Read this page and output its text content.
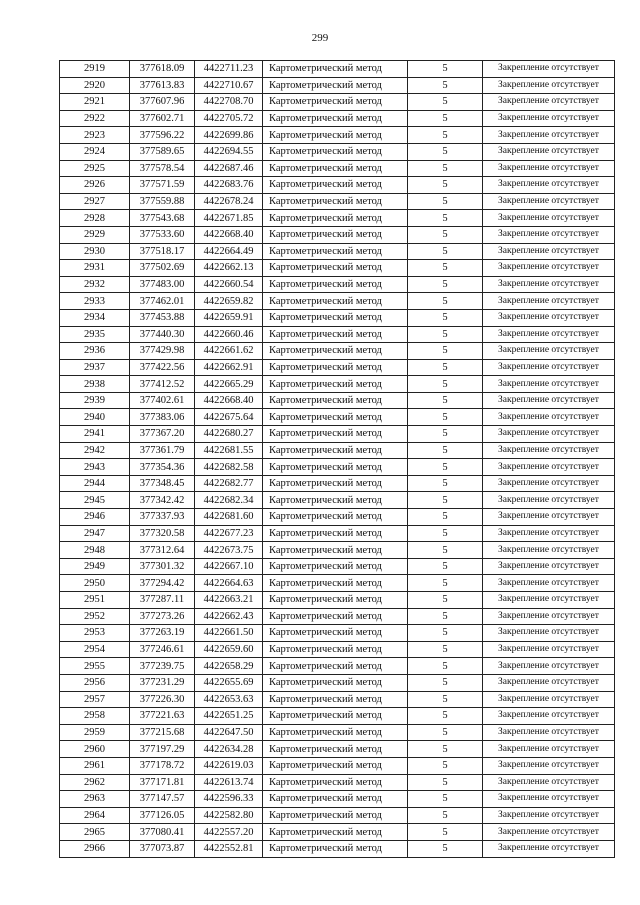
299
2919	377618.09	4422711.23	Картометрический метод	5	Закрепление отсутствует
2920	377613.83	4422710.67	Картометрический метод	5	Закрепление отсутствует
2921	377607.96	4422708.70	Картометрический метод	5	Закрепление отсутствует
2922	377602.71	4422705.72	Картометрический метод	5	Закрепление отсутствует
2923	377596.22	4422699.86	Картометрический метод	5	Закрепление отсутствует
2924	377589.65	4422694.55	Картометрический метод	5	Закрепление отсутствует
2925	377578.54	4422687.46	Картометрический метод	5	Закрепление отсутствует
2926	377571.59	4422683.76	Картометрический метод	5	Закрепление отсутствует
2927	377559.88	4422678.24	Картометрический метод	5	Закрепление отсутствует
2928	377543.68	4422671.85	Картометрический метод	5	Закрепление отсутствует
2929	377533.60	4422668.40	Картометрический метод	5	Закрепление отсутствует
2930	377518.17	4422664.49	Картометрический метод	5	Закрепление отсутствует
2931	377502.69	4422662.13	Картометрический метод	5	Закрепление отсутствует
2932	377483.00	4422660.54	Картометрический метод	5	Закрепление отсутствует
2933	377462.01	4422659.82	Картометрический метод	5	Закрепление отсутствует
2934	377453.88	4422659.91	Картометрический метод	5	Закрепление отсутствует
2935	377440.30	4422660.46	Картометрический метод	5	Закрепление отсутствует
2936	377429.98	4422661.62	Картометрический метод	5	Закрепление отсутствует
2937	377422.56	4422662.91	Картометрический метод	5	Закрепление отсутствует
2938	377412.52	4422665.29	Картометрический метод	5	Закрепление отсутствует
2939	377402.61	4422668.40	Картометрический метод	5	Закрепление отсутствует
2940	377383.06	4422675.64	Картометрический метод	5	Закрепление отсутствует
2941	377367.20	4422680.27	Картометрический метод	5	Закрепление отсутствует
2942	377361.79	4422681.55	Картометрический метод	5	Закрепление отсутствует
2943	377354.36	4422682.58	Картометрический метод	5	Закрепление отсутствует
2944	377348.45	4422682.77	Картометрический метод	5	Закрепление отсутствует
2945	377342.42	4422682.34	Картометрический метод	5	Закрепление отсутствует
2946	377337.93	4422681.60	Картометрический метод	5	Закрепление отсутствует
2947	377320.58	4422677.23	Картометрический метод	5	Закрепление отсутствует
2948	377312.64	4422673.75	Картометрический метод	5	Закрепление отсутствует
2949	377301.32	4422667.10	Картометрический метод	5	Закрепление отсутствует
2950	377294.42	4422664.63	Картометрический метод	5	Закрепление отсутствует
2951	377287.11	4422663.21	Картометрический метод	5	Закрепление отсутствует
2952	377273.26	4422662.43	Картометрический метод	5	Закрепление отсутствует
2953	377263.19	4422661.50	Картометрический метод	5	Закрепление отсутствует
2954	377246.61	4422659.60	Картометрический метод	5	Закрепление отсутствует
2955	377239.75	4422658.29	Картометрический метод	5	Закрепление отсутствует
2956	377231.29	4422655.69	Картометрический метод	5	Закрепление отсутствует
2957	377226.30	4422653.63	Картометрический метод	5	Закрепление отсутствует
2958	377221.63	4422651.25	Картометрический метод	5	Закрепление отсутствует
2959	377215.68	4422647.50	Картометрический метод	5	Закрепление отсутствует
2960	377197.29	4422634.28	Картометрический метод	5	Закрепление отсутствует
2961	377178.72	4422619.03	Картометрический метод	5	Закрепление отсутствует
2962	377171.81	4422613.74	Картометрический метод	5	Закрепление отсутствует
2963	377147.57	4422596.33	Картометрический метод	5	Закрепление отсутствует
2964	377126.05	4422582.80	Картометрический метод	5	Закрепление отсутствует
2965	377080.41	4422557.20	Картометрический метод	5	Закрепление отсутствует
2966	377073.87	4422552.81	Картометрический метод	5	Закрепление отсутствует
